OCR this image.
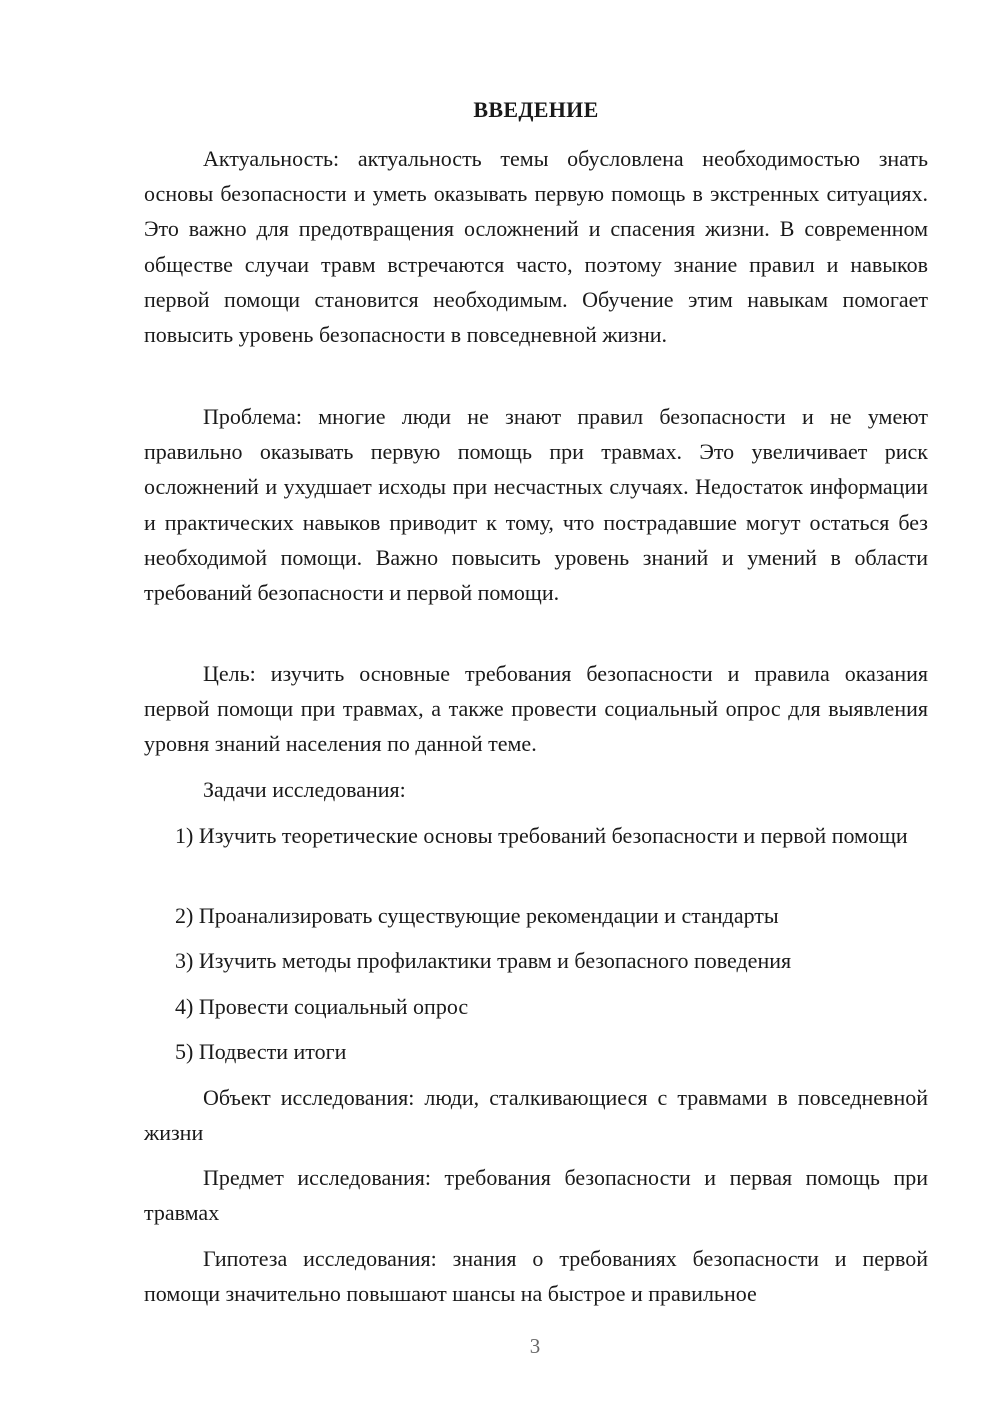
ВВЕДЕНИЕ

Актуальность: актуальность темы обусловлена необходимостью знать основы безопасности и уметь оказывать первую помощь в экстренных ситуациях. Это важно для предотвращения осложнений и спасения жизни. В современном обществе случаи травм встречаются часто, поэтому знание правил и навыков первой помощи становится необходимым. Обучение этим навыкам помогает повысить уровень безопасности в повседневной жизни.

Проблема: многие люди не знают правил безопасности и не умеют правильно оказывать первую помощь при травмах. Это увеличивает риск осложнений и ухудшает исходы при несчастных случаях. Недостаток информации и практических навыков приводит к тому, что пострадавшие могут остаться без необходимой помощи. Важно повысить уровень знаний и умений в области требований безопасности и первой помощи.

Цель: изучить основные требования безопасности и правила оказания первой помощи при травмах, а также провести социальный опрос для выявления уровня знаний населения по данной теме.

Задачи исследования:

1) Изучить теоретические основы требований безопасности и первой помощи

2) Проанализировать существующие рекомендации и стандарты

3) Изучить методы профилактики травм и безопасного поведения

4) Провести социальный опрос

5) Подвести итоги

Объект исследования: люди, сталкивающиеся с травмами в повседневной жизни

Предмет исследования: требования безопасности и первая помощь при травмах

Гипотеза исследования: знания о требованиях безопасности и первой помощи значительно повышают шансы на быстрое и правильное

3
